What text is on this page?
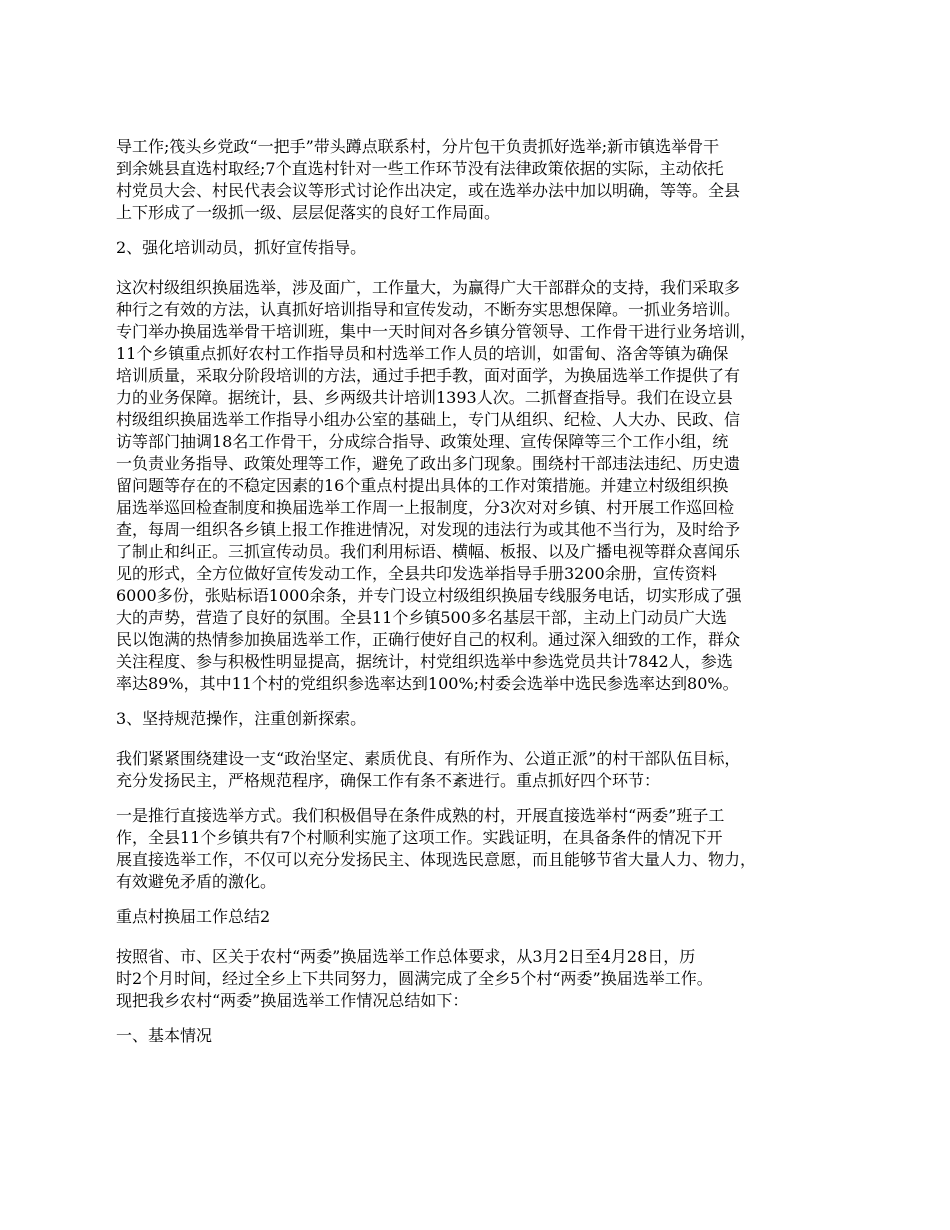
导工作;筏头乡党政“一把手”带头蹲点联系村，分片包干负责抓好选举;新市镇选举骨干
到余姚县直选村取经;7个直选村针对一些工作环节没有法律政策依据的实际，主动依托
村党员大会、村民代表会议等形式讨论作出决定，或在选举办法中加以明确，等等。全县
上下形成了一级抓一级、层层促落实的良好工作局面。

2、强化培训动员，抓好宣传指导。

这次村级组织换届选举，涉及面广，工作量大，为赢得广大干部群众的支持，我们采取多
种行之有效的方法，认真抓好培训指导和宣传发动，不断夯实思想保障。一抓业务培训。
专门举办换届选举骨干培训班，集中一天时间对各乡镇分管领导、工作骨干进行业务培训，
11个乡镇重点抓好农村工作指导员和村选举工作人员的培训，如雷甸、洛舍等镇为确保
培训质量，采取分阶段培训的方法，通过手把手教，面对面学，为换届选举工作提供了有
力的业务保障。据统计，县、乡两级共计培训1393人次。二抓督查指导。我们在设立县
村级组织换届选举工作指导小组办公室的基础上，专门从组织、纪检、人大办、民政、信
访等部门抽调18名工作骨干，分成综合指导、政策处理、宣传保障等三个工作小组，统
一负责业务指导、政策处理等工作，避免了政出多门现象。围绕村干部违法违纪、历史遗
留问题等存在的不稳定因素的16个重点村提出具体的工作对策措施。并建立村级组织换
届选举巡回检查制度和换届选举工作周一上报制度，分3次对对乡镇、村开展工作巡回检
查，每周一组织各乡镇上报工作推进情况，对发现的违法行为或其他不当行为，及时给予
了制止和纠正。三抓宣传动员。我们利用标语、横幅、板报、以及广播电视等群众喜闻乐
见的形式，全方位做好宣传发动工作，全县共印发选举指导手册3200余册，宣传资料
6000多份，张贴标语1000余条，并专门设立村级组织换届专线服务电话，切实形成了强
大的声势，营造了良好的氛围。全县11个乡镇500多名基层干部，主动上门动员广大选
民以饱满的热情参加换届选举工作，正确行使好自己的权利。通过深入细致的工作，群众
关注程度、参与积极性明显提高，据统计，村党组织选举中参选党员共计7842人，参选
率达89%，其中11个村的党组织参选率达到100%;村委会选举中选民参选率达到80%。

3、坚持规范操作，注重创新探索。

我们紧紧围绕建设一支“政治坚定、素质优良、有所作为、公道正派”的村干部队伍目标，
充分发扬民主，严格规范程序，确保工作有条不紊进行。重点抓好四个环节：

一是推行直接选举方式。我们积极倡导在条件成熟的村，开展直接选举村“两委”班子工
作，全县11个乡镇共有7个村顺利实施了这项工作。实践证明，在具备条件的情况下开
展直接选举工作，不仅可以充分发扬民主、体现选民意愿，而且能够节省大量人力、物力，
有效避免矛盾的激化。

重点村换届工作总结2

按照省、市、区关于农村“两委”换届选举工作总体要求，从3月2日至4月28日，历
时2个月时间，经过全乡上下共同努力，圆满完成了全乡5个村“两委”换届选举工作。
现把我乡农村“两委”换届选举工作情况总结如下：

一、基本情况
